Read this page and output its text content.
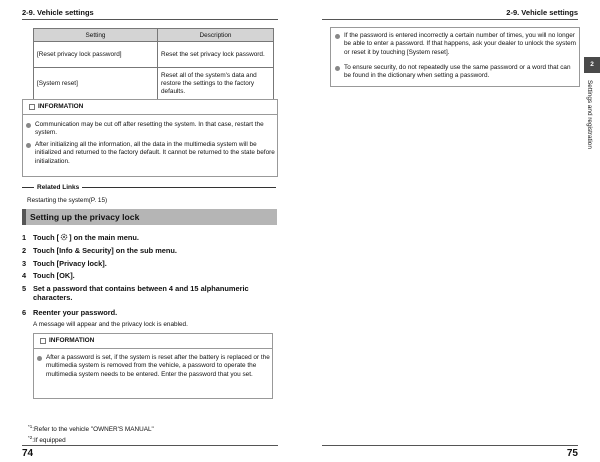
2-9. Vehicle settings
Setting	Description
[Reset privacy lock password]	Reset the set privacy lock password.
[System reset]	Reset all of the system's data and restore the settings to the factory defaults.
INFORMATION
Communication may be cut off after resetting the system. In that case, restart the system.
After initializing all the information, all the data in the multimedia system will be initialized and returned to the factory default. It cannot be returned to the state before initialization.
Related Links
Restarting the system(P. 15)
Setting up the privacy lock
1 Touch [ ] on the main menu.
2 Touch [Info & Security] on the sub menu.
3 Touch [Privacy lock].
4 Touch [OK].
5 Set a password that contains between 4 and 15 alphanumeric characters.
6 Reenter your password.
A message will appear and the privacy lock is enabled.
INFORMATION
After a password is set, if the system is reset after the battery is replaced or the multimedia system is removed from the vehicle, a password to operate the multimedia system needs to be entered. Enter the password that you set.
$^{*1}$:Refer to the vehicle "OWNER'S MANUAL"
$^{*2}$:If equipped
74
2-9. Vehicle settings
If the password is entered incorrectly a certain number of times, you will no longer be able to enter a password. If that happens, ask your dealer to unlock the system or reset it by touching [System reset].
To ensure security, do not repeatedly use the same password or a word that can be found in the dictionary when setting a password.
75
2
Settings and registration
